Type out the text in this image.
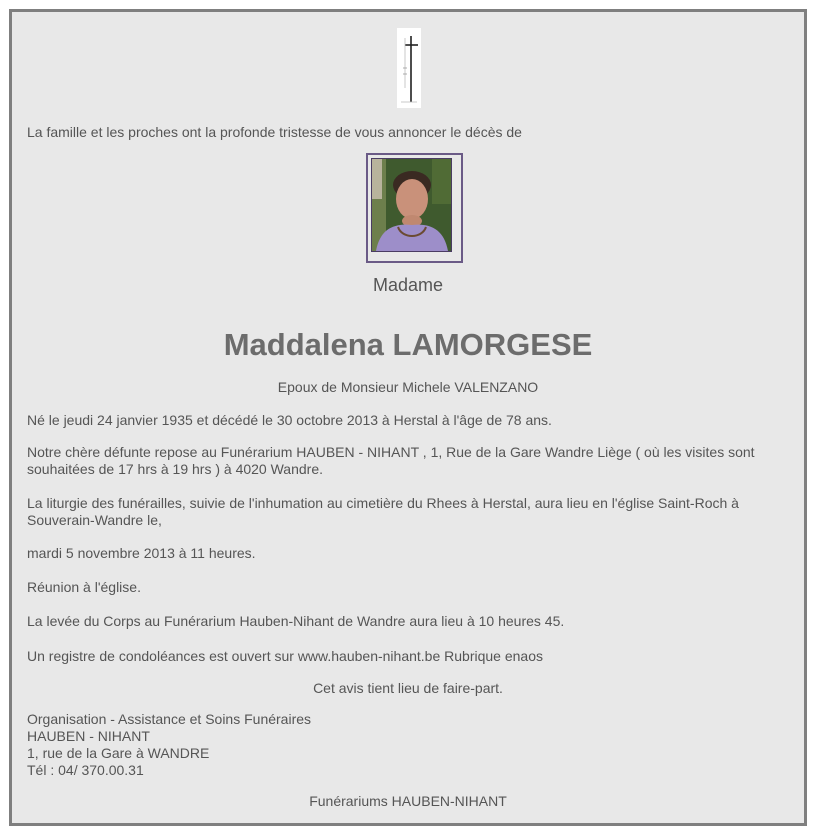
La famille et les proches ont la profonde tristesse de vous annoncer le décès de

Madame

Maddalena LAMORGESE

Epoux de Monsieur Michele VALENZANO

Né le jeudi 24 janvier 1935 et décédé le 30 octobre 2013 à Herstal à l'âge de 78 ans.

Notre chère défunte repose au Funérarium HAUBEN - NIHANT , 1, Rue de la Gare Wandre Liège ( où les visites sont

souhaitées de 17 hrs à 19 hrs ) à 4020 Wandre.

La liturgie des funérailles, suivie de l'inhumation au cimetière du Rhees à Herstal, aura lieu en l'église Saint-Roch à

Souverain-Wandre le,

mardi 5 novembre 2013 à 11 heures.

Réunion à l'église.

La levée du Corps au Funérarium Hauben-Nihant de Wandre aura lieu à 10 heures 45.

Un registre de condoléances est ouvert sur www.hauben-nihant.be Rubrique enaos

Cet avis tient lieu de faire-part.

Organisation - Assistance et Soins Funéraires
HAUBEN - NIHANT
1, rue de la Gare à WANDRE
Tél : 04/ 370.00.31

Funérariums HAUBEN-NIHANT
